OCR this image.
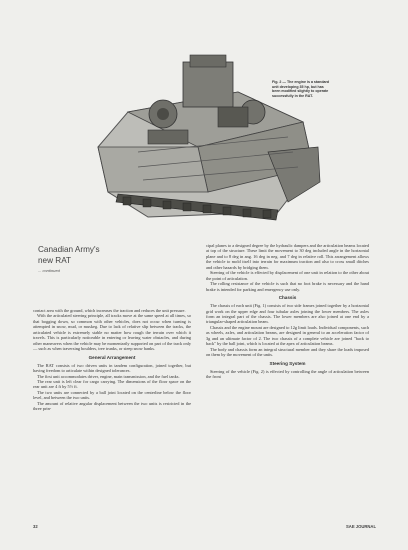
Fig. 2 — The engine is a standard unit developing 35 hp, but has been modified slightly to operate successfully in the RAT.
Canadian Army's
new RAT
... continued

contact area with the ground, which increases the traction and reduces the unit pressure.

With the articulated steering principle, all tracks move at the same speed at all times, so that bogging down, so common with other vehicles, does not occur when turning is attempted in snow, mud, or muskeg. Due to lack of relative slip between the tracks, the articulated vehicle is extremely stable no matter how rough the terrain over which it travels. This is particularly noticeable in entering or leaving water obstacles, and during other maneuvers when the vehicle may be momentarily supported on part of the track only — such as when traversing boulders, tree trunks, or steep snow banks.

General Arrangement

The RAT consists of two driven units in tandem configuration, joined together, but having freedom to articulate within designed tolerances.

The first unit accommodates driver, engine, main transmission, and the fuel tanks.

The rear unit is left clear for cargo carrying. The dimensions of the floor space on the rear unit are 4 ft by 5½ ft.

The two units are connected by a ball joint located on the centerline below the floor level, and between the two units.

The amount of relative angular displacement between the two units is restricted in the three prin-

cipal planes to a designed degree by the hydraulic dampers and the articulation beams located at top of the structure. These limit the movement to 30 deg included angle in the horizontal plane and to 8 deg in ang. 16 deg in neg. and 7 deg in relative roll. This arrangement allows the vehicle to mold itself into terrain for maximum traction and also to cross small ditches and other hazards by bridging them.

Steering of the vehicle is effected by displacement of one unit in relation to the other about the point of articulation.

The rolling resistance of the vehicle is such that no foot brake is necessary and the hand brake is intended for parking and emergency use only.

Chassis

The chassis of each unit (Fig. 1) consists of two side frames joined together by a horizontal grid work on the upper edge and four tubular axles joining the lower members. The axles form an integral part of the chassis. The lower members are also joined at one end by a triangular-shaped articulation beam.

Chassis and the engine mount are designed to 12g limit loads. Individual components, such as wheels, axles, and articulation beams, are designed in general to an acceleration factor of 3g and an ultimate factor of 2. The two chassis of a complete vehicle are joined "back to back" by the ball joint, which is located at the apex of articulation beams.

The body and chassis form an integral structural member and they share the loads imposed on them by the movement of the units.

Steering System

Steering of the vehicle (Fig. 2) is effected by controlling the angle of articulation between the front

32	SAE JOURNAL
